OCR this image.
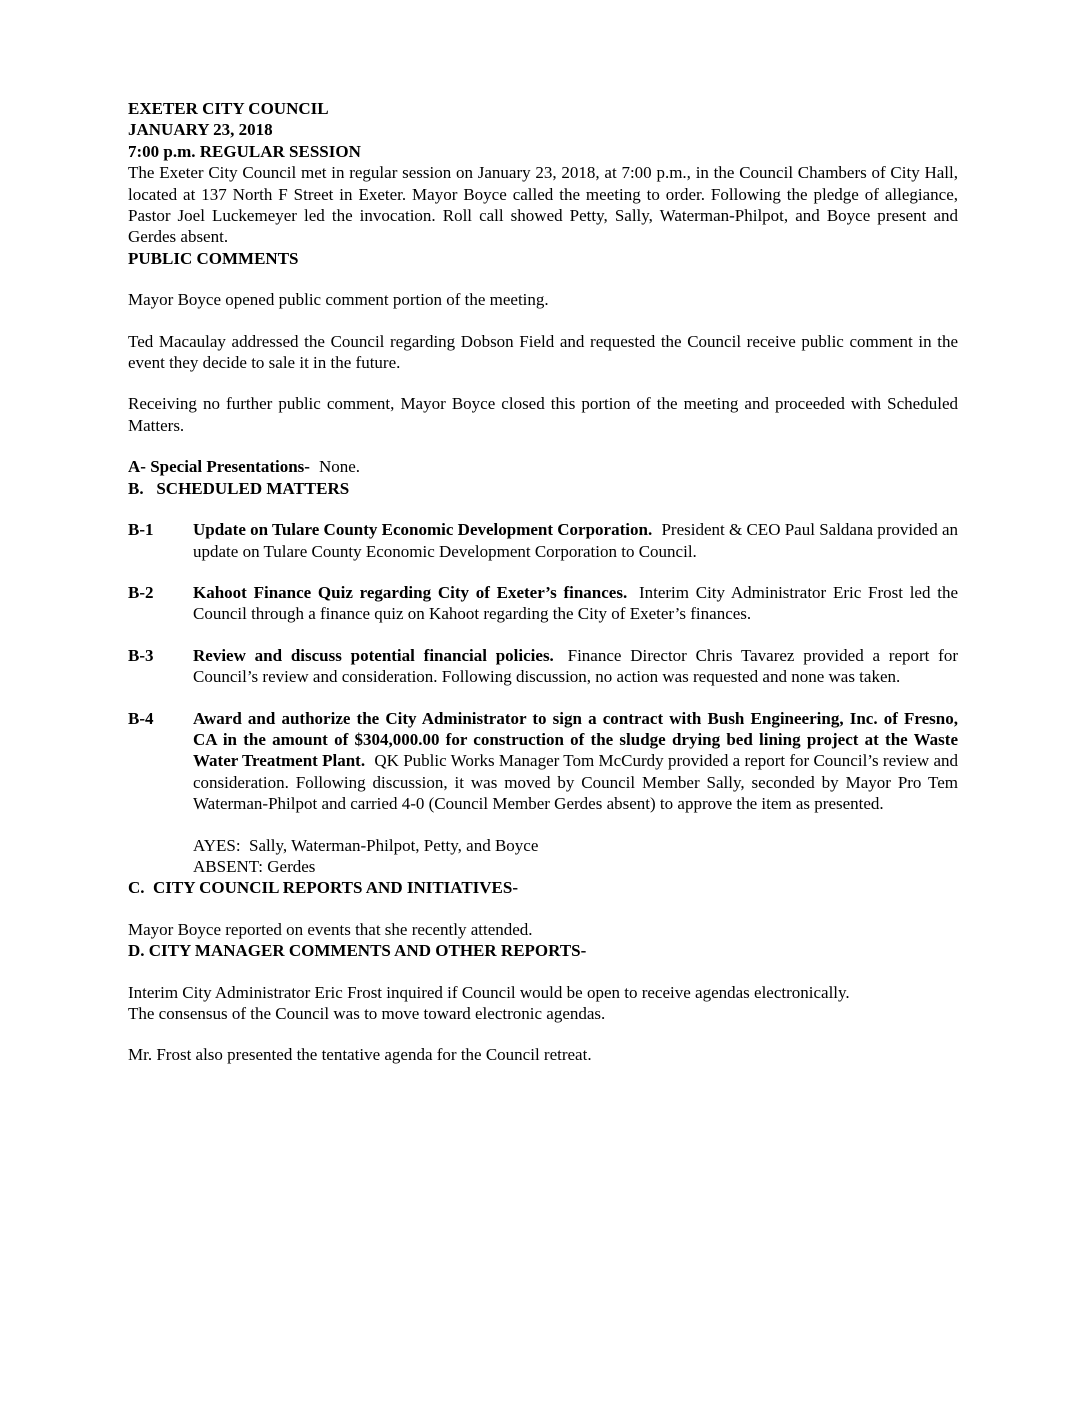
EXETER CITY COUNCIL
JANUARY 23, 2018
7:00 p.m. REGULAR SESSION

The Exeter City Council met in regular session on January 23, 2018, at 7:00 p.m., in the Council Chambers of City Hall, located at 137 North F Street in Exeter. Mayor Boyce called the meeting to order. Following the pledge of allegiance, Pastor Joel Luckemeyer led the invocation. Roll call showed Petty, Sally, Waterman-Philpot, and Boyce present and Gerdes absent.

PUBLIC COMMENTS

Mayor Boyce opened public comment portion of the meeting.

Ted Macaulay addressed the Council regarding Dobson Field and requested the Council receive public comment in the event they decide to sale it in the future.

Receiving no further public comment, Mayor Boyce closed this portion of the meeting and proceeded with Scheduled Matters.

A- Special Presentations- None.

B.   SCHEDULED MATTERS
B-1	Update on Tulare County Economic Development Corporation. President & CEO Paul Saldana provided an update on Tulare County Economic Development Corporation to Council.
B-2	Kahoot Finance Quiz regarding City of Exeter’s finances. Interim City Administrator Eric Frost led the Council through a finance quiz on Kahoot regarding the City of Exeter’s finances.
B-3	Review and discuss potential financial policies. Finance Director Chris Tavarez provided a report for Council’s review and consideration. Following discussion, no action was requested and none was taken.
B-4	Award and authorize the City Administrator to sign a contract with Bush Engineering, Inc. of Fresno, CA in the amount of $304,000.00 for construction of the sludge drying bed lining project at the Waste Water Treatment Plant. QK Public Works Manager Tom McCurdy provided a report for Council’s review and consideration. Following discussion, it was moved by Council Member Sally, seconded by Mayor Pro Tem Waterman-Philpot and carried 4-0 (Council Member Gerdes absent) to approve the item as presented.

AYES:  Sally, Waterman-Philpot, Petty, and Boyce

ABSENT: Gerdes

C.  CITY COUNCIL REPORTS AND INITIATIVES-

Mayor Boyce reported on events that she recently attended.

D. CITY MANAGER COMMENTS AND OTHER REPORTS-

Interim City Administrator Eric Frost inquired if Council would be open to receive agendas electronically.

The consensus of the Council was to move toward electronic agendas.

Mr. Frost also presented the tentative agenda for the Council retreat.
